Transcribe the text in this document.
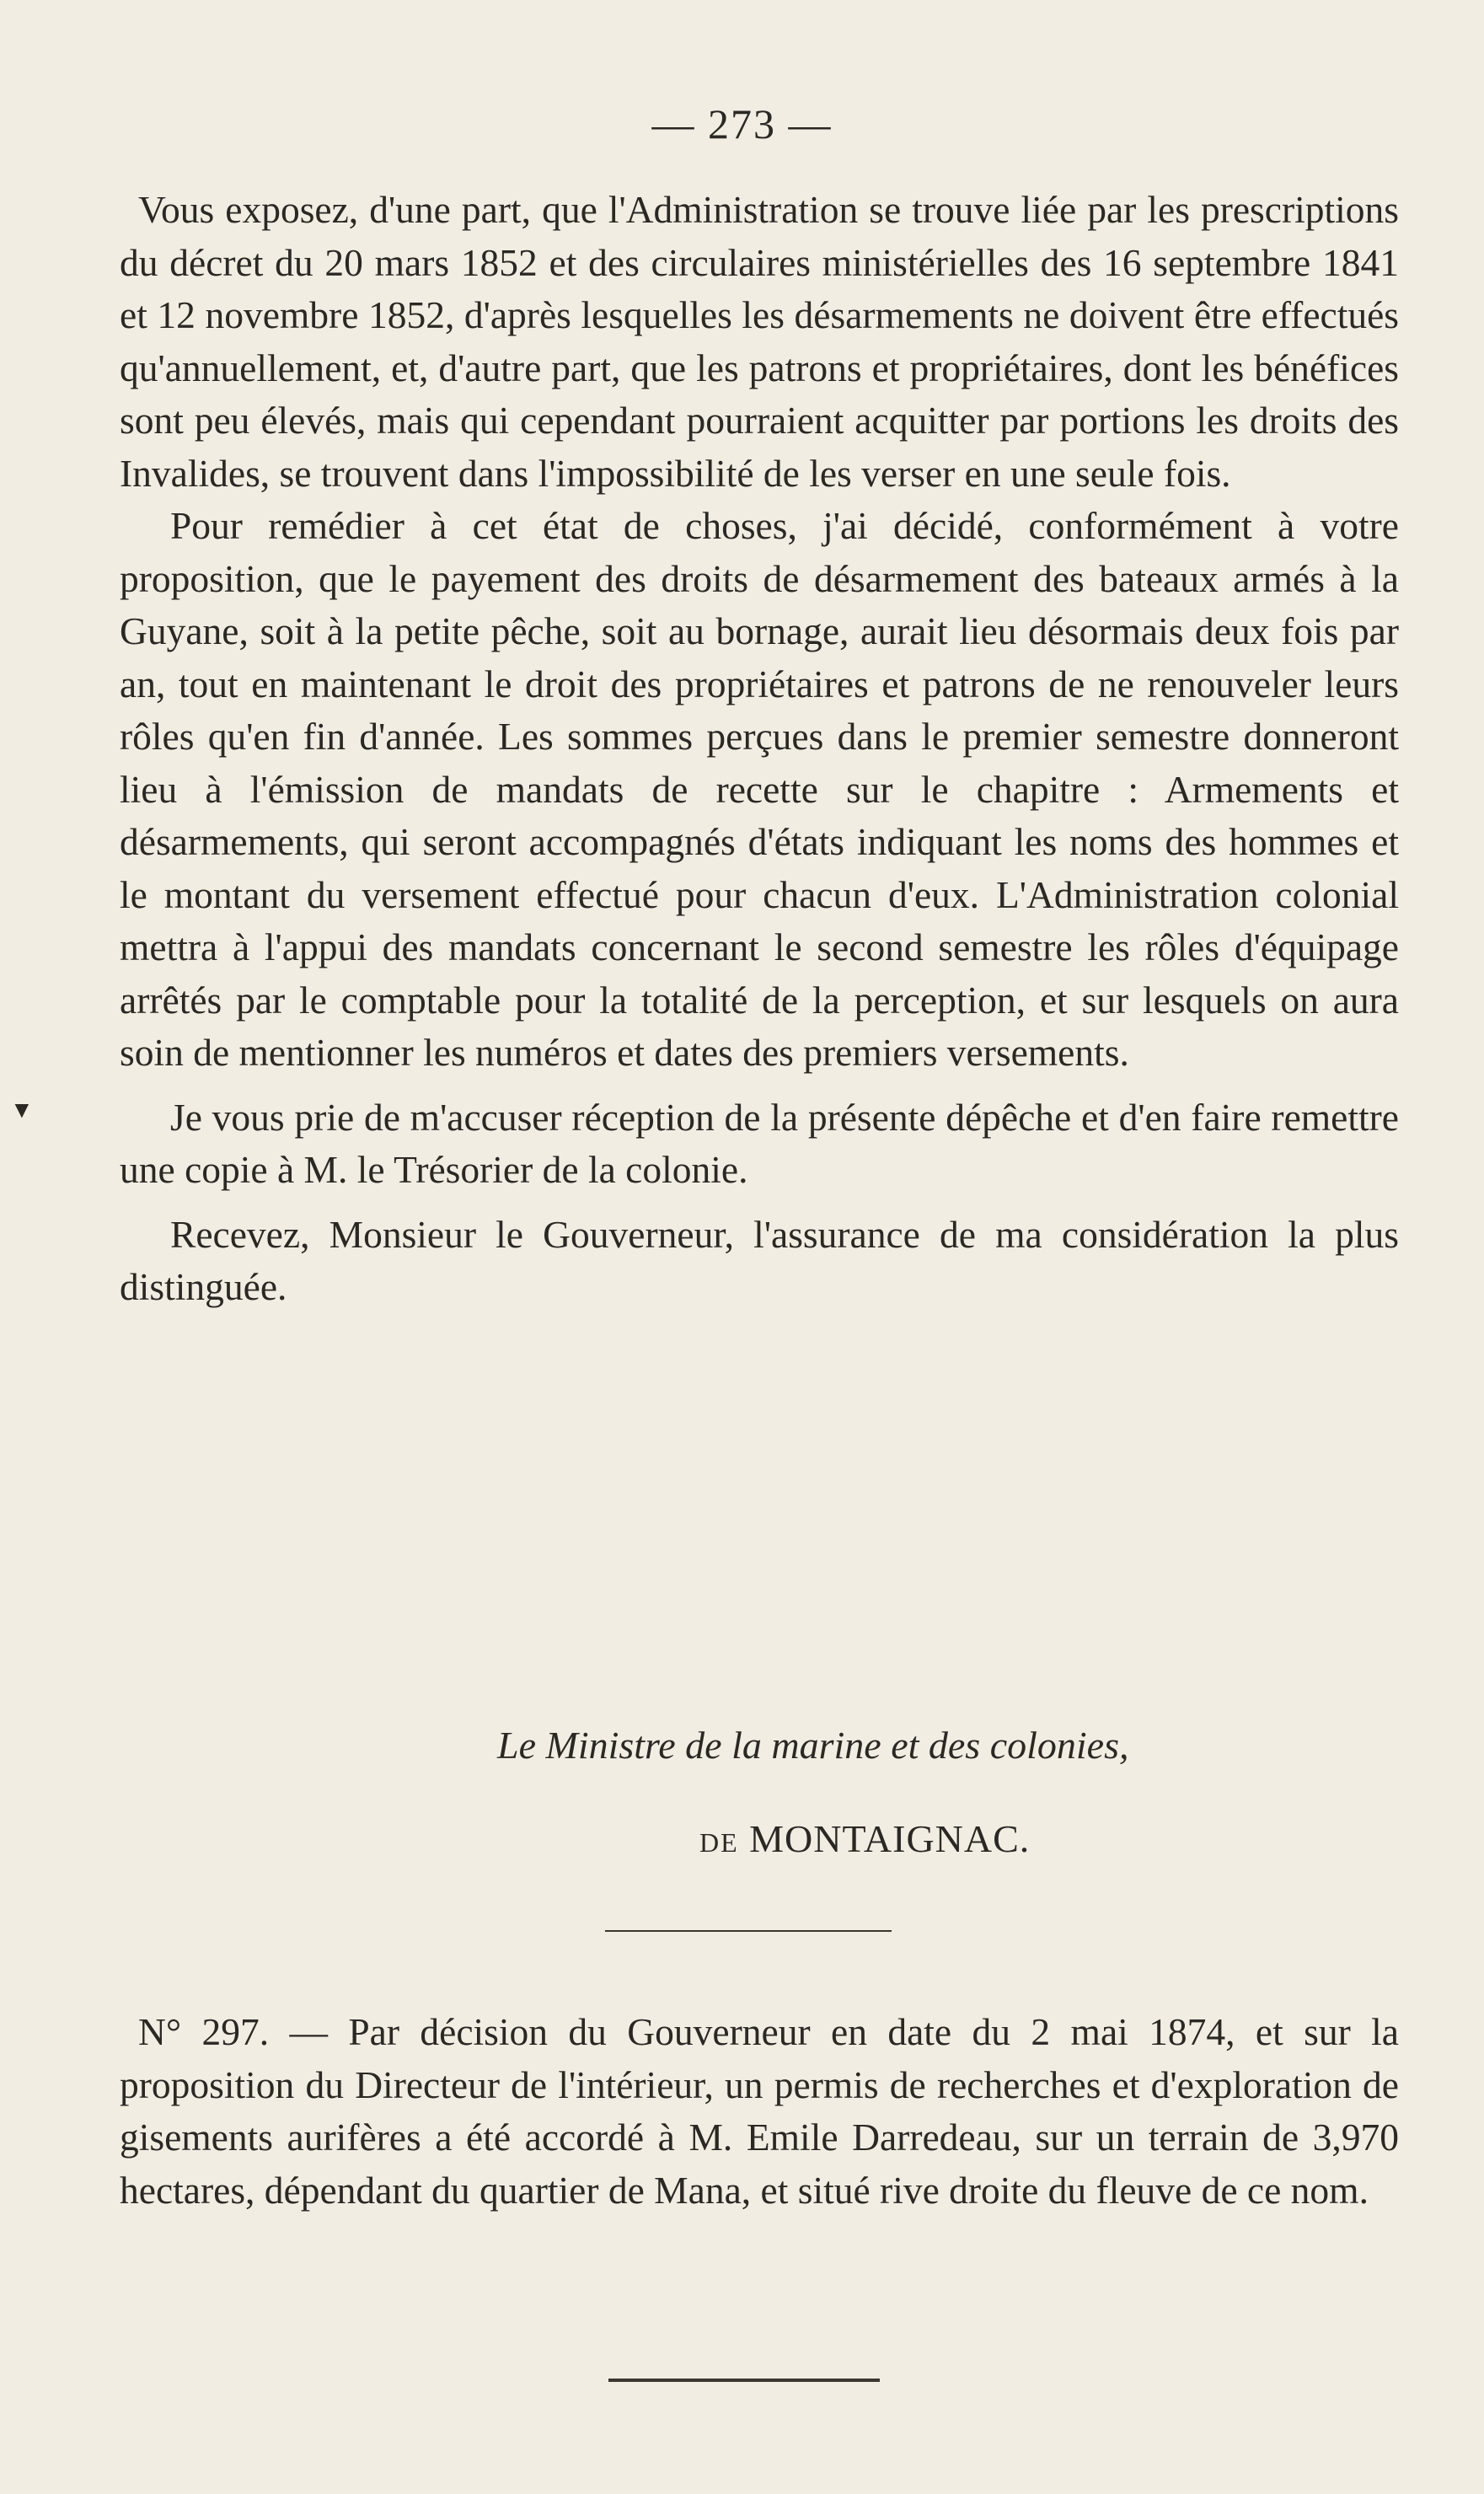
— 273 —
▼

Vous exposez, d'une part, que l'Administration se trouve liée par les prescriptions du décret du 20 mars 1852 et des circulaires ministérielles des 16 septembre 1841 et 12 novembre 1852, d'après lesquelles les désarmements ne doivent être effectués qu'annuellement, et, d'autre part, que les patrons et propriétaires, dont les bénéfices sont peu élevés, mais qui cependant pourraient acquitter par portions les droits des Invalides, se trouvent dans l'impossibilité de les verser en une seule fois.

Pour remédier à cet état de choses, j'ai décidé, conformément à votre proposition, que le payement des droits de désarmement des bateaux armés à la Guyane, soit à la petite pêche, soit au bornage, aurait lieu désormais deux fois par an, tout en maintenant le droit des propriétaires et patrons de ne renouveler leurs rôles qu'en fin d'année. Les sommes perçues dans le premier semestre donneront lieu à l'émission de mandats de recette sur le chapitre : Armements et désarmements, qui seront accompagnés d'états indiquant les noms des hommes et le montant du versement effectué pour chacun d'eux. L'Administration colonial mettra à l'appui des mandats concernant le second semestre les rôles d'équipage arrêtés par le comptable pour la totalité de la perception, et sur lesquels on aura soin de mentionner les numéros et dates des premiers versements.

Je vous prie de m'accuser réception de la présente dépêche et d'en faire remettre une copie à M. le Trésorier de la colonie.

Recevez, Monsieur le Gouverneur, l'assurance de ma considération la plus distinguée.

Le Ministre de la marine et des colonies,
DE MONTAIGNAC.

N° 297. — Par décision du Gouverneur en date du 2 mai 1874, et sur la proposition du Directeur de l'intérieur, un permis de recherches et d'exploration de gisements aurifères a été accordé à M. Emile Darredeau, sur un terrain de 3,970 hectares, dépendant du quartier de Mana, et situé rive droite du fleuve de ce nom.
